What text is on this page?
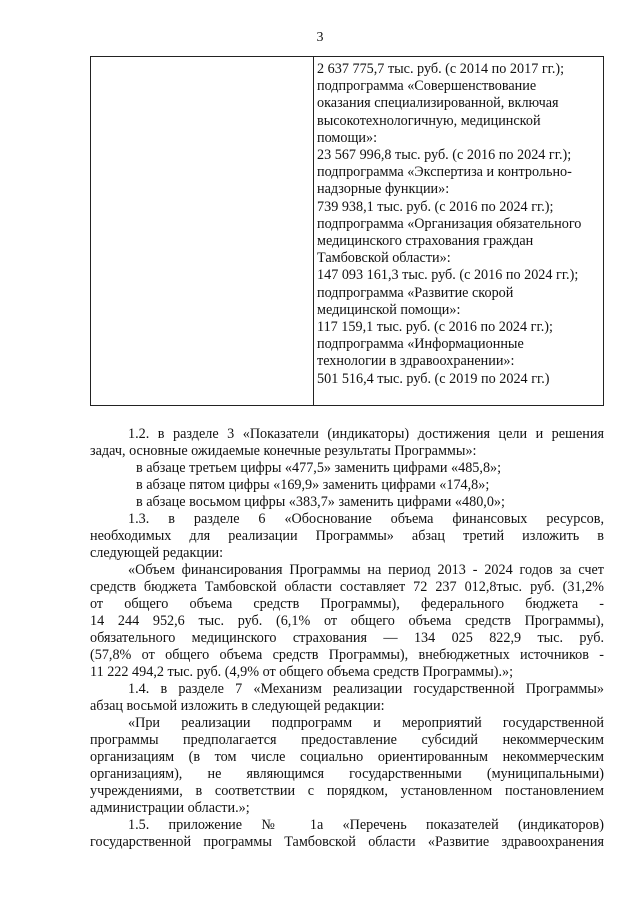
3
2 637 775,7 тыс. руб. (с 2014 по 2017 гг.);
подпрограмма «Совершенствование
оказания специализированной, включая
высокотехнологичную, медицинской
помощи»:
23 567 996,8 тыс. руб. (с 2016 по 2024 гг.);
подпрограмма «Экспертиза и контрольно-
надзорные функции»:
739 938,1 тыс. руб. (с 2016 по 2024 гг.);
подпрограмма «Организация обязательного
медицинского страхования граждан
Тамбовской области»:
147 093 161,3 тыс. руб. (с 2016 по 2024 гг.);
подпрограмма «Развитие скорой
медицинской помощи»:
117 159,1 тыс. руб. (с 2016 по 2024 гг.);
подпрограмма «Информационные
технологии в здравоохранении»:
501 516,4 тыс. руб. (с 2019 по 2024 гг.)
1.2. в разделе 3 «Показатели (индикаторы) достижения цели и решения
задач, основные ожидаемые конечные результаты Программы»:
в абзаце третьем цифры «477,5» заменить цифрами «485,8»;
в абзаце пятом цифры «169,9» заменить цифрами «174,8»;
в абзаце восьмом цифры «383,7» заменить цифрами «480,0»;
1.3. в разделе 6 «Обоснование объема финансовых ресурсов,
необходимых для реализации Программы» абзац третий изложить в
следующей редакции:
«Объем финансирования Программы на период 2013 - 2024 годов за счет
средств бюджета Тамбовской области составляет 72 237 012,8тыс. руб. (31,2%
от общего объема средств Программы), федерального бюджета -
14 244 952,6 тыс. руб. (6,1% от общего объема средств Программы),
обязательного медицинского страхования — 134 025 822,9 тыс. руб.
(57,8% от общего объема средств Программы), внебюджетных источников -
11 222 494,2 тыс. руб. (4,9% от общего объема средств Программы).»;
1.4. в разделе 7 «Механизм реализации государственной Программы»
абзац восьмой изложить в следующей редакции:
«При реализации подпрограмм и мероприятий государственной
программы предполагается предоставление субсидий некоммерческим
организациям (в том числе социально ориентированным некоммерческим
организациям), не являющимся государственными (муниципальными)
учреждениями, в соответствии с порядком, установленном постановлением
администрации области.»;
1.5. приложение № 1а «Перечень показателей (индикаторов)
государственной программы Тамбовской области «Развитие здравоохранения
